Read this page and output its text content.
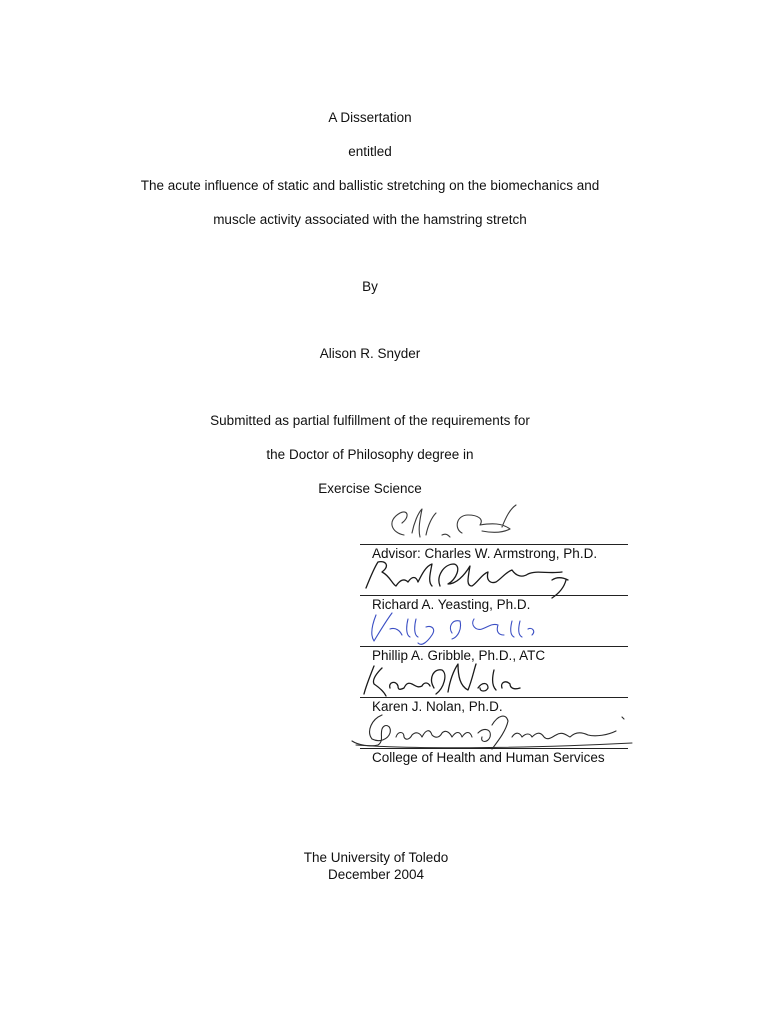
A Dissertation
entitled
The acute influence of static and ballistic stretching on the biomechanics and
muscle activity associated with the hamstring stretch
By
Alison R. Snyder
Submitted as partial fulfillment of the requirements for
the Doctor of Philosophy degree in
Exercise Science
Advisor: Charles W. Armstrong, Ph.D.
Richard A. Yeasting, Ph.D.
Phillip A. Gribble, Ph.D., ATC
Karen J. Nolan, Ph.D.
College of Health and Human Services
The University of Toledo
December 2004
